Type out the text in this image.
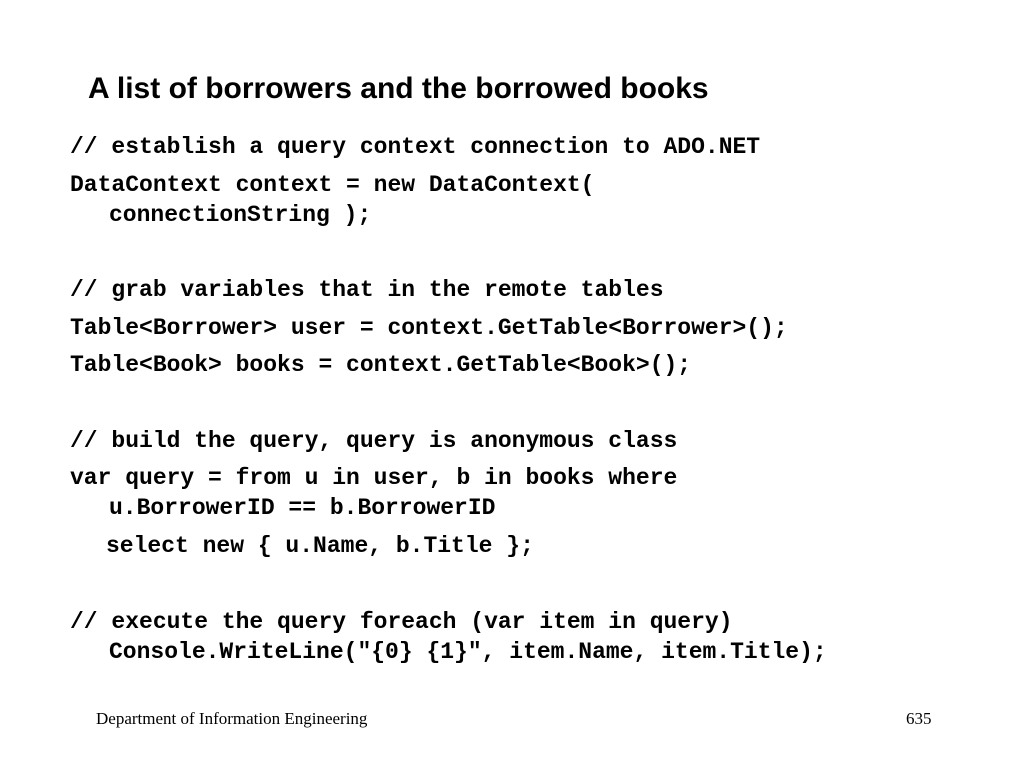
A list of borrowers and the borrowed books

// establish a query context connection to ADO.NET

DataContext context = new DataContext(

connectionString );

// grab variables that in the remote tables

Table<Borrower> user = context.GetTable<Borrower>();

Table<Book> books = context.GetTable<Book>();

// build the query, query is anonymous class

var query = from u in user, b in books where

u.BorrowerID == b.BorrowerID

select new { u.Name, b.Title };

// execute the query foreach (var item in query)

Console.WriteLine("{0} {1}", item.Name, item.Title);

Department of Information Engineering	635
